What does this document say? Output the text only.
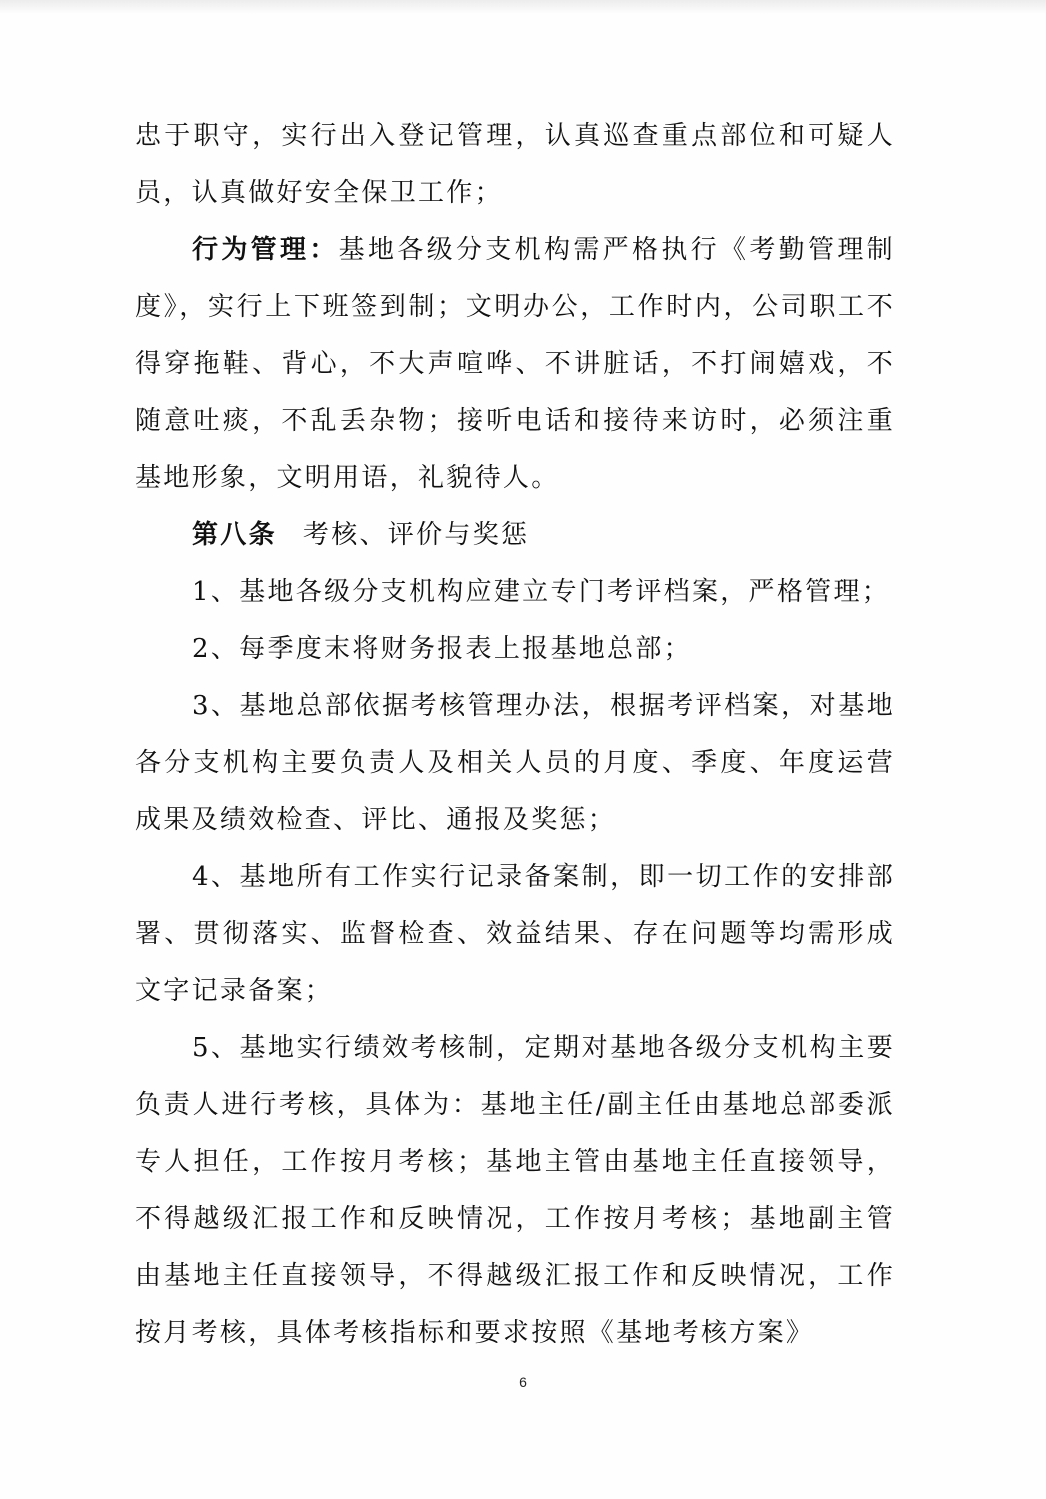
忠于职守，实行出入登记管理，认真巡查重点部位和可疑人员，认真做好安全保卫工作；

行为管理：基地各级分支机构需严格执行《考勤管理制度》，实行上下班签到制；文明办公，工作时内，公司职工不得穿拖鞋、背心，不大声喧哗、不讲脏话，不打闹嬉戏，不随意吐痰，不乱丢杂物；接听电话和接待来访时，必须注重基地形象，文明用语，礼貌待人。

第八条 考核、评价与奖惩

1、基地各级分支机构应建立专门考评档案，严格管理；

2、每季度末将财务报表上报基地总部；

3、基地总部依据考核管理办法，根据考评档案，对基地各分支机构主要负责人及相关人员的月度、季度、年度运营成果及绩效检查、评比、通报及奖惩；

4、基地所有工作实行记录备案制，即一切工作的安排部署、贯彻落实、监督检查、效益结果、存在问题等均需形成文字记录备案；

5、基地实行绩效考核制，定期对基地各级分支机构主要负责人进行考核，具体为：基地主任/副主任由基地总部委派专人担任，工作按月考核；基地主管由基地主任直接领导，不得越级汇报工作和反映情况，工作按月考核；基地副主管由基地主任直接领导，不得越级汇报工作和反映情况，工作按月考核，具体考核指标和要求按照《基地考核方案》

6
